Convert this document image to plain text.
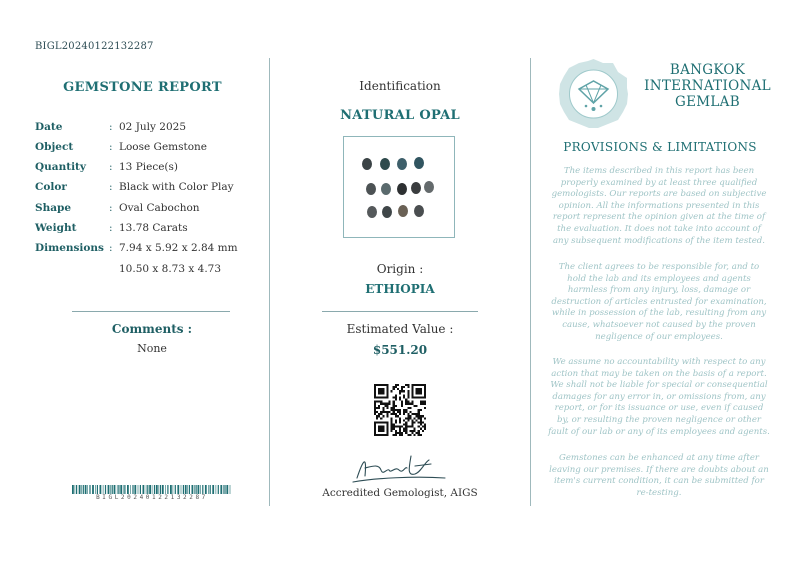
BIGL20240122132287
GEMSTONE REPORT
Date	: 02 July 2025
Object	: Loose Gemstone
Quantity : 13 Piece(s)
Color	: Black with Color Play
Shape	: Oval Cabochon
Weight	: 13.78 Carats
Dimensions : 7.94 x 5.92 x 2.84 mm
10.50 x 8.73 x 4.73
Comments :
None
BIGL20240122132287
Identification
NATURAL OPAL
Origin :
ETHIOPIA
Estimated Value :
$551.20
Accredited Gemologist, AIGS
BANGKOK
INTERNATIONAL
GEMLAB
PROVISIONS & LIMITATIONS
The items described in this report has been properly examined by at least three qualified gemologists. Our reports are based on subjective opinion. All the informations presented in this report represent the opinion given at the time of the evaluation. It does not take into account of any subsequent modifications of the item tested.
The client agrees to be responsible for, and to hold the lab and its employees and agents harmless from any injury, loss, damage or destruction of articles entrusted for examination, while in possession of the lab, resulting from any cause, whatsoever not caused by the proven negligence of our employees.
We assume no accountability with respect to any action that may be taken on the basis of a report. We shall not be liable for special or consequential damages for any error in, or omissions from, any report, or for its issuance or use, even if caused by, or resulting the proven negligence or other fault of our lab or any of its employees and agents.
Gemstones can be enhanced at any time after leaving our premises. If there are doubts about an item's current condition, it can be submitted for re-testing.
